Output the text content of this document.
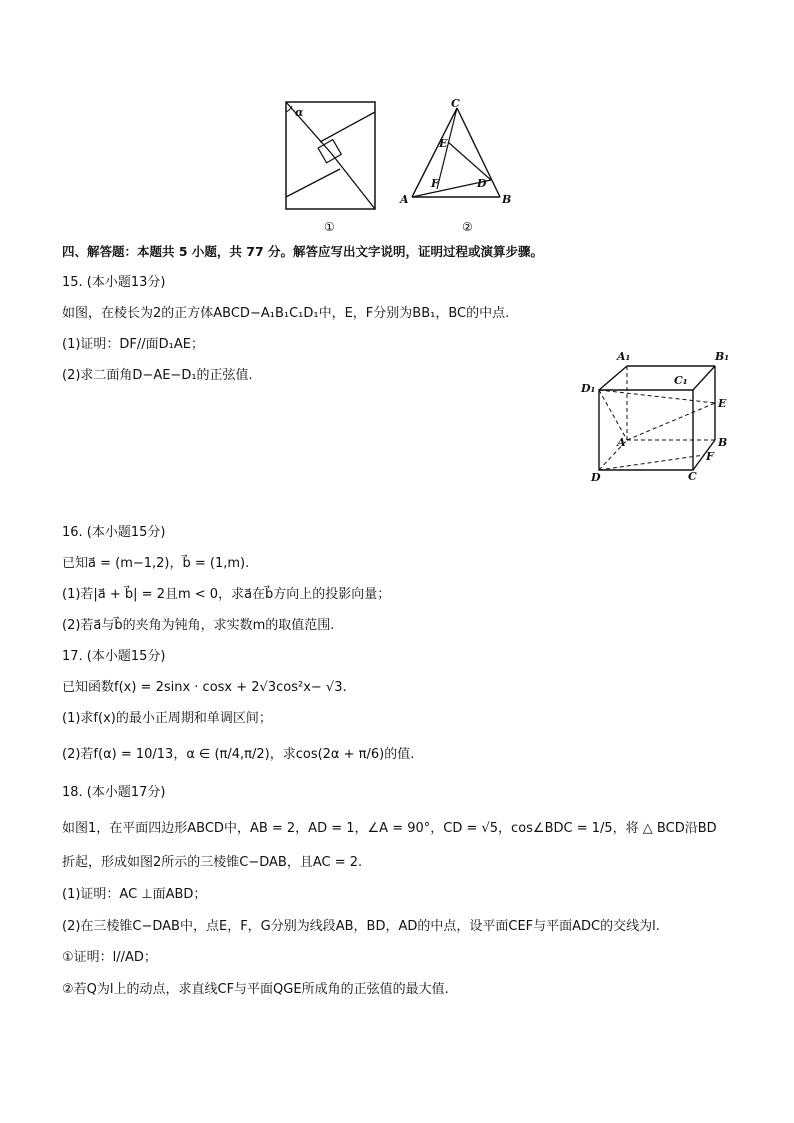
α
①
C
E
F	D
A	B
②
四、解答题：本题共 5 小题，共 77 分。解答应写出文字说明，证明过程或演算步骤。
15. (本小题13分)
如图，在棱长为2的正方体ABCD−A₁B₁C₁D₁中，E，F分别为BB₁，BC的中点.
(1)证明：DF//面D₁AE；
(2)求二面角D−AE−D₁的正弦值.
A₁	B₁
C₁
D₁
E
A	B
F
D	C
16. (本小题15分)
已知a⃗ = (m−1,2)，b⃗ = (1,m).
(1)若|a⃗ + b⃗| = 2且m < 0，求a⃗在b⃗方向上的投影向量；
(2)若a⃗与b⃗的夹角为钝角，求实数m的取值范围.
17. (本小题15分)
已知函数f(x) = 2sinx · cosx + 2√3cos²x− √3.
(1)求f(x)的最小正周期和单调区间；
(2)若f(α) = 10/13，α ∈ (π/4,π/2)，求cos(2α + π/6)的值.
18. (本小题17分)
如图1，在平面四边形ABCD中，AB = 2，AD = 1，∠A = 90°，CD = √5，cos∠BDC = 1/5，将 △ BCD沿BD
折起，形成如图2所示的三棱锥C−DAB，且AC = 2.
(1)证明：AC ⊥面ABD；
(2)在三棱锥C−DAB中，点E，F，G分别为线段AB，BD，AD的中点，设平面CEF与平面ADC的交线为l.
①证明：l//AD；
②若Q为l上的动点，求直线CF与平面QGE所成角的正弦值的最大值.
